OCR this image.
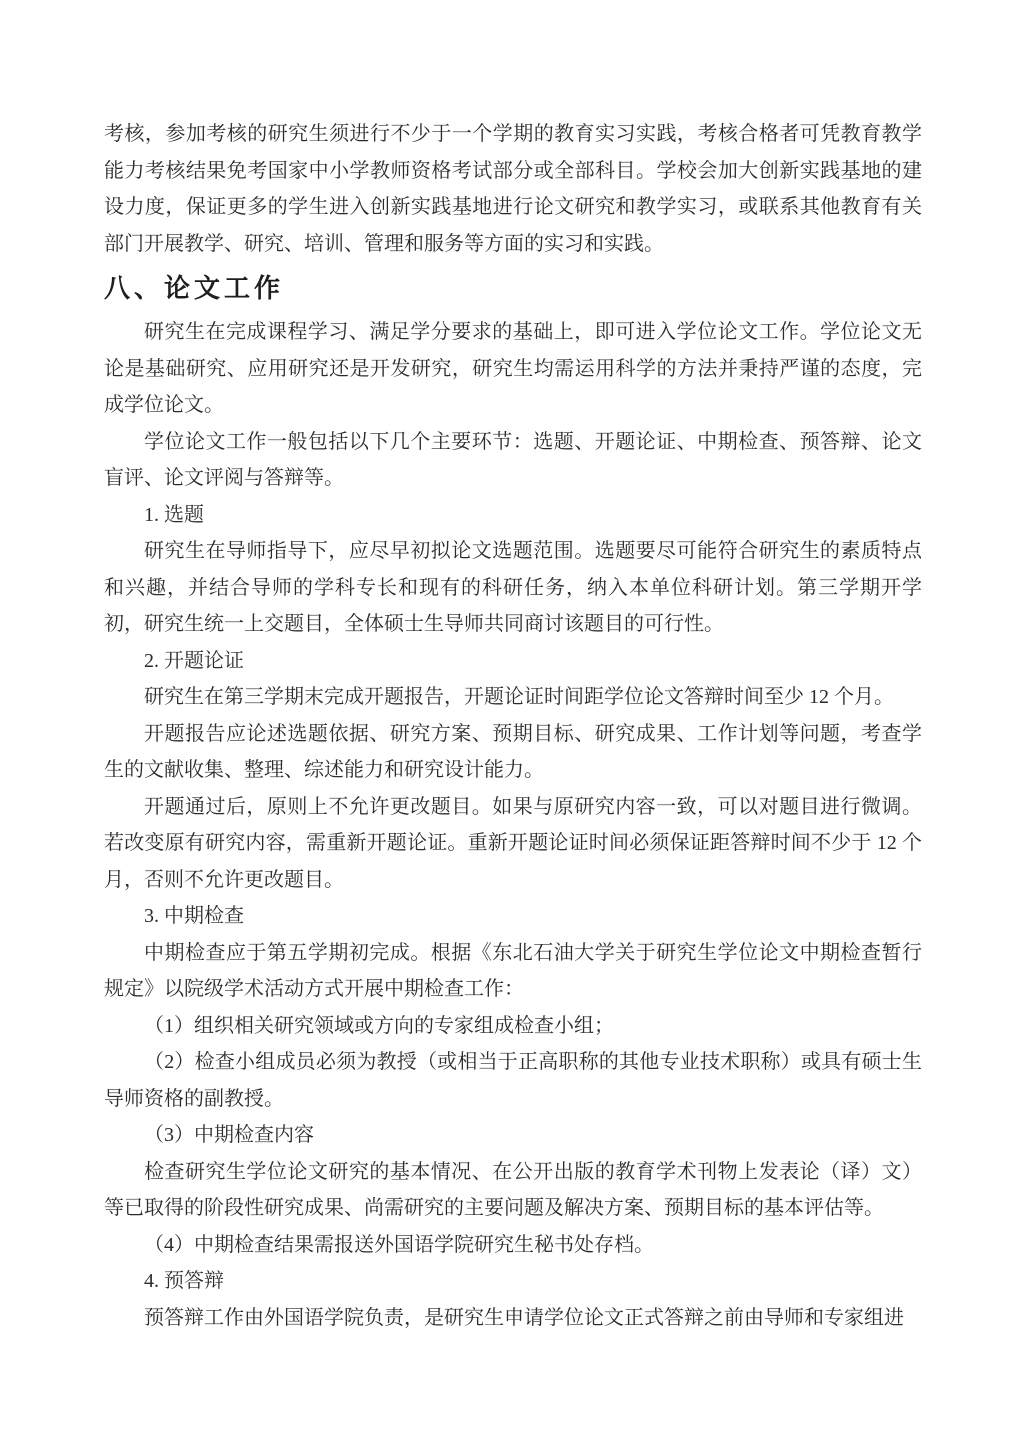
考核，参加考核的研究生须进行不少于一个学期的教育实习实践，考核合格者可凭教育教学能力考核结果免考国家中小学教师资格考试部分或全部科目。学校会加大创新实践基地的建设力度，保证更多的学生进入创新实践基地进行论文研究和教学实习，或联系其他教育有关部门开展教学、研究、培训、管理和服务等方面的实习和实践。

八、论文工作

研究生在完成课程学习、满足学分要求的基础上，即可进入学位论文工作。学位论文无论是基础研究、应用研究还是开发研究，研究生均需运用科学的方法并秉持严谨的态度，完成学位论文。

学位论文工作一般包括以下几个主要环节：选题、开题论证、中期检查、预答辩、论文盲评、论文评阅与答辩等。

1. 选题

研究生在导师指导下，应尽早初拟论文选题范围。选题要尽可能符合研究生的素质特点和兴趣，并结合导师的学科专长和现有的科研任务，纳入本单位科研计划。第三学期开学初，研究生统一上交题目，全体硕士生导师共同商讨该题目的可行性。

2. 开题论证

研究生在第三学期末完成开题报告，开题论证时间距学位论文答辩时间至少 12 个月。

开题报告应论述选题依据、研究方案、预期目标、研究成果、工作计划等问题，考查学生的文献收集、整理、综述能力和研究设计能力。

开题通过后，原则上不允许更改题目。如果与原研究内容一致，可以对题目进行微调。若改变原有研究内容，需重新开题论证。重新开题论证时间必须保证距答辩时间不少于 12 个月，否则不允许更改题目。

3. 中期检查

中期检查应于第五学期初完成。根据《东北石油大学关于研究生学位论文中期检查暂行规定》以院级学术活动方式开展中期检查工作：

（1）组织相关研究领域或方向的专家组成检查小组；

（2）检查小组成员必须为教授（或相当于正高职称的其他专业技术职称）或具有硕士生导师资格的副教授。

（3）中期检查内容

检查研究生学位论文研究的基本情况、在公开出版的教育学术刊物上发表论（译）文）等已取得的阶段性研究成果、尚需研究的主要问题及解决方案、预期目标的基本评估等。

（4）中期检查结果需报送外国语学院研究生秘书处存档。

4. 预答辩

预答辩工作由外国语学院负责，是研究生申请学位论文正式答辩之前由导师和专家组进
